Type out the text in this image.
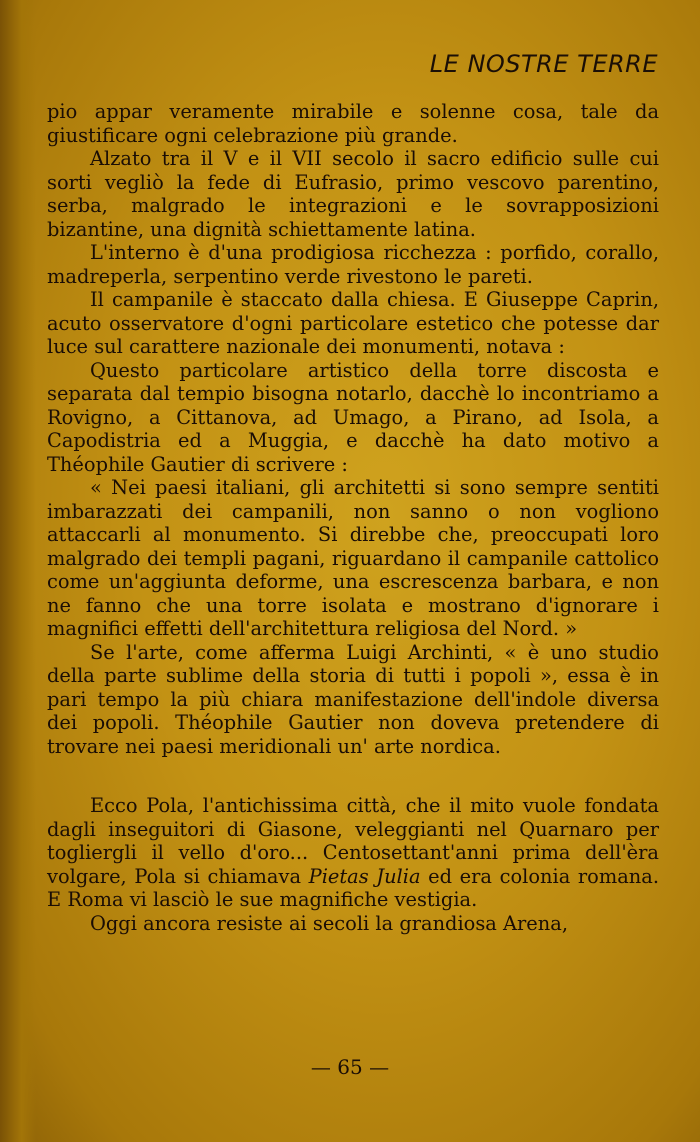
LE NOSTRE TERRE

pio appar veramente mirabile e solenne cosa, tale da giustificare ogni celebrazione più grande.

Alzato tra il V e il VII secolo il sacro edificio sulle cui sorti vegliò la fede di Eufrasio, primo vescovo parentino, serba, malgrado le integrazioni e le sovrapposizioni bizantine, una dignità schiettamente latina.

L'interno è d'una prodigiosa ricchezza : porfido, corallo, madreperla, serpentino verde rivestono le pareti.

Il campanile è staccato dalla chiesa. E Giuseppe Caprin, acuto osservatore d'ogni particolare estetico che potesse dar luce sul carattere nazionale dei monumenti, notava :

Questo particolare artistico della torre discosta e separata dal tempio bisogna notarlo, dacchè lo incontriamo a Rovigno, a Cittanova, ad Umago, a Pirano, ad Isola, a Capodistria ed a Muggia, e dacchè ha dato motivo a Théophile Gautier di scrivere :

« Nei paesi italiani, gli architetti si sono sempre sentiti imbarazzati dei campanili, non sanno o non vogliono attaccarli al monumento. Si direbbe che, preoccupati loro malgrado dei templi pagani, riguardano il campanile cattolico come un'aggiunta deforme, una escrescenza barbara, e non ne fanno che una torre isolata e mostrano d'ignorare i magnifici effetti dell'architettura religiosa del Nord. »

Se l'arte, come afferma Luigi Archinti, « è uno studio della parte sublime della storia di tutti i popoli », essa è in pari tempo la più chiara manifestazione dell'indole diversa dei popoli. Théophile Gautier non doveva pretendere di trovare nei paesi meridionali un' arte nordica.

Ecco Pola, l'antichissima città, che il mito vuole fondata dagli inseguitori di Giasone, veleggianti nel Quarnaro per togliergli il vello d'oro... Centosettant'anni prima dell'èra volgare, Pola si chiamava Pietas Julia ed era colonia romana. E Roma vi lasciò le sue magnifiche vestigia.

Oggi ancora resiste ai secoli la grandiosa Arena,

— 65 —
